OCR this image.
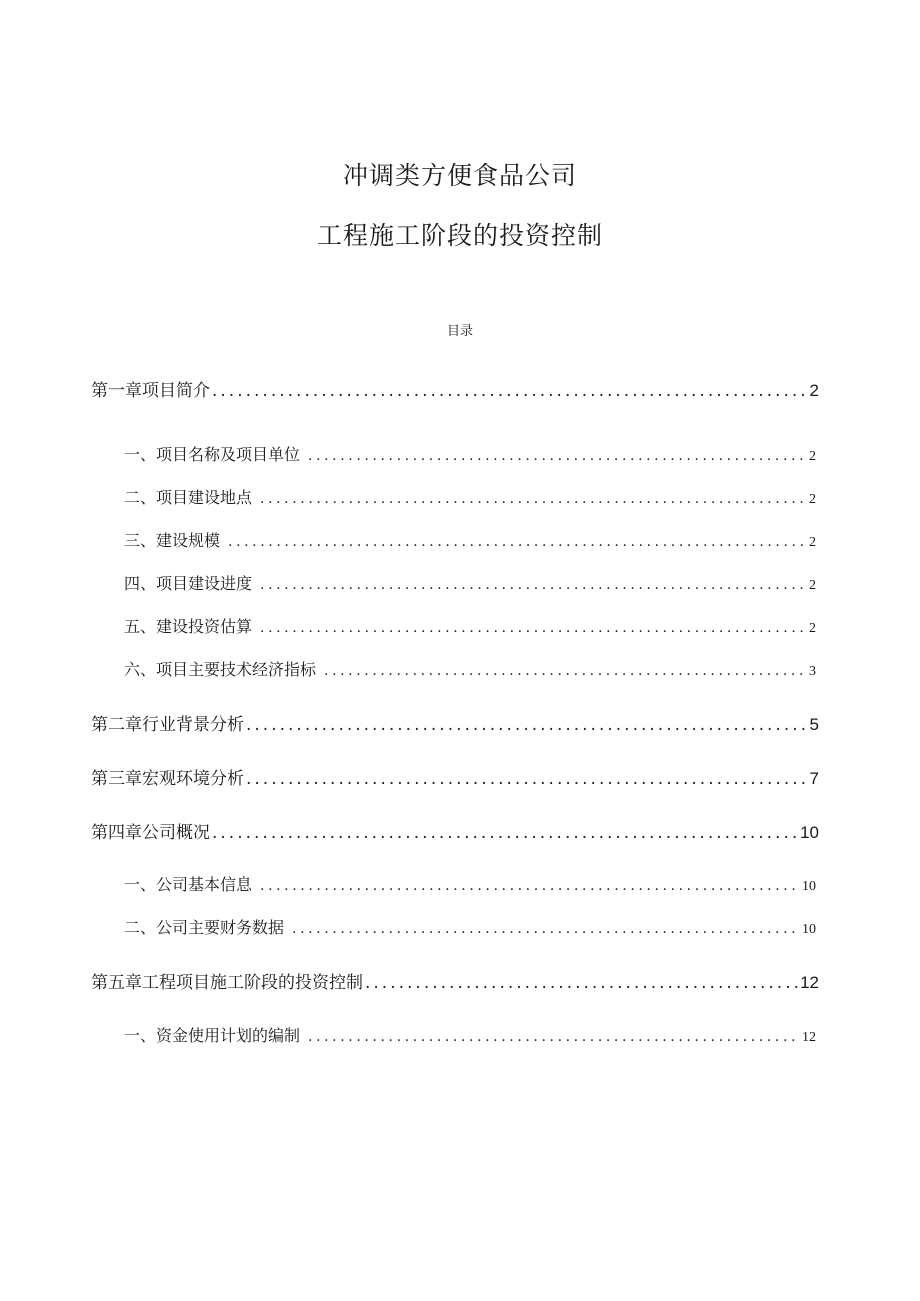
冲调类方便食品公司
工程施工阶段的投资控制
目录
第一章项目简介 .....	2
一、项目名称及项目单位 .....	2
二、项目建设地点 .....	2
三、建设规模 .....	2
四、项目建设进度 .....	2
五、建设投资估算 .....	2
六、项目主要技术经济指标 .....	3
第二章行业背景分析 .....	5
第三章宏观环境分析 .....	7
第四章公司概况 .....	10
一、公司基本信息 .....	10
二、公司主要财务数据 .....	10
第五章工程项目施工阶段的投资控制 .....	12
一、资金使用计划的编制 .....	12
